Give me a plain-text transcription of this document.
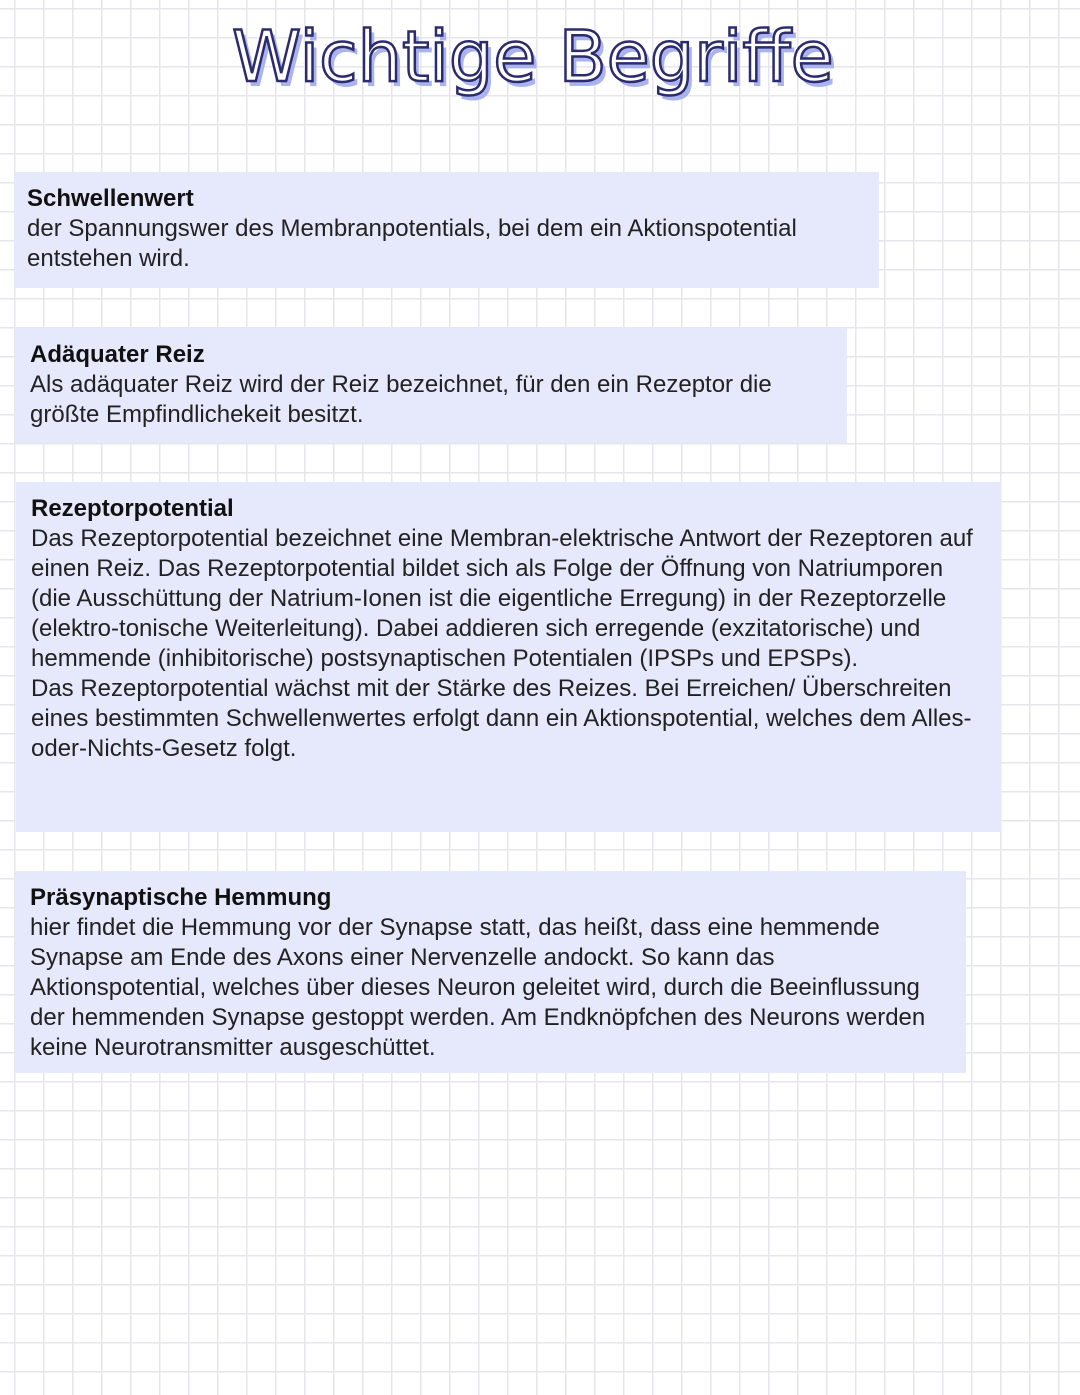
Wichtige Begriffe
Schwellenwert

der Spannungswer des Membranpotentials, bei dem ein Aktionspotential entstehen wird.

Adäquater Reiz

Als adäquater Reiz wird der Reiz bezeichnet, für den ein Rezeptor die größte Empfindlichekeit besitzt.

Rezeptorpotential

Das Rezeptorpotential bezeichnet eine Membran-elektrische Antwort der Rezeptoren auf einen Reiz. Das Rezeptorpotential bildet sich als Folge der Öffnung von Natriumporen (die Ausschüttung der Natrium-Ionen ist die eigentliche Erregung) in der Rezeptorzelle (elektro-tonische Weiterleitung). Dabei addieren sich erregende (exzitatorische) und hemmende (inhibitorische) postsynaptischen Potentialen (IPSPs und EPSPs).

Das Rezeptorpotential wächst mit der Stärke des Reizes. Bei Erreichen/ Überschreiten eines bestimmten Schwellenwertes erfolgt dann ein Aktionspotential, welches dem Alles-oder-Nichts-Gesetz folgt.

Präsynaptische Hemmung

hier findet die Hemmung vor der Synapse statt, das heißt, dass eine hemmende Synapse am Ende des Axons einer Nervenzelle andockt. So kann das Aktionspotential, welches über dieses Neuron geleitet wird, durch die Beeinflussung der hemmenden Synapse gestoppt werden. Am Endknöpfchen des Neurons werden keine Neurotransmitter ausgeschüttet.
